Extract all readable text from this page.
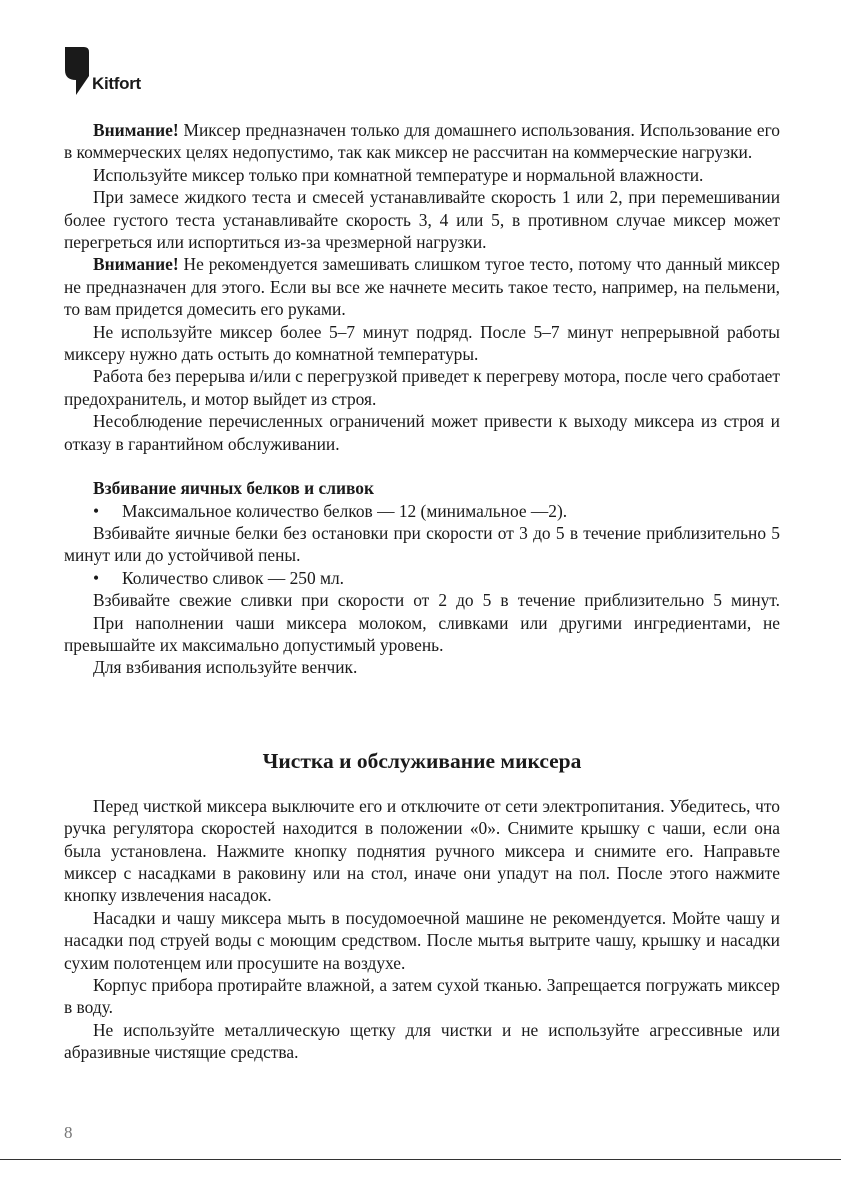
Kitfort

Внимание! Миксер предназначен только для домашнего использования. Использование его в коммерческих целях недопустимо, так как миксер не рассчитан на коммерческие нагрузки.

Используйте миксер только при комнатной температуре и нормальной влажности.

При замесе жидкого теста и смесей устанавливайте скорость 1 или 2, при перемешивании более густого теста устанавливайте скорость 3, 4 или 5, в противном случае миксер может перегреться или испортиться из-за чрезмерной нагрузки.

Внимание! Не рекомендуется замешивать слишком тугое тесто, потому что данный миксер не предназначен для этого. Если вы все же начнете месить такое тесто, например, на пельмени, то вам придется домесить его руками.

Не используйте миксер более 5–7 минут подряд. После 5–7 минут непрерывной работы миксеру нужно дать остыть до комнатной температуры.

Работа без перерыва и/или с перегрузкой приведет к перегреву мотора, после чего сработает предохранитель, и мотор выйдет из строя.

Несоблюдение перечисленных ограничений может привести к выходу миксера из строя и отказу в гарантийном обслуживании.

Взбивание яичных белков и сливок

•	Максимальное количество белков — 12 (минимальное —2).

Взбивайте яичные белки без остановки при скорости от 3 до 5 в течение приблизительно 5 минут или до устойчивой пены.

•	Количество сливок — 250 мл.

Взбивайте свежие сливки при скорости от 2 до 5 в течение приблизительно 5 минут.

При наполнении чаши миксера молоком, сливками или другими ингредиентами, не превышайте их максимально допустимый уровень.

Для взбивания используйте венчик.

Чистка и обслуживание миксера

Перед чисткой миксера выключите его и отключите от сети электропитания. Убедитесь, что ручка регулятора скоростей находится в положении «0». Снимите крышку с чаши, если она была установлена. Нажмите кнопку поднятия ручного миксера и снимите его. Направьте миксер с насадками в раковину или на стол, иначе они упадут на пол. После этого нажмите кнопку извлечения насадок.

Насадки и чашу миксера мыть в посудомоечной машине не рекомендуется. Мойте чашу и насадки под струей воды с моющим средством. После мытья вытрите чашу, крышку и насадки сухим полотенцем или просушите на воздухе.

Корпус прибора протирайте влажной, а затем сухой тканью. Запрещается погружать миксер в воду.

Не используйте металлическую щетку для чистки и не используйте агрессивные или абразивные чистящие средства.

8
